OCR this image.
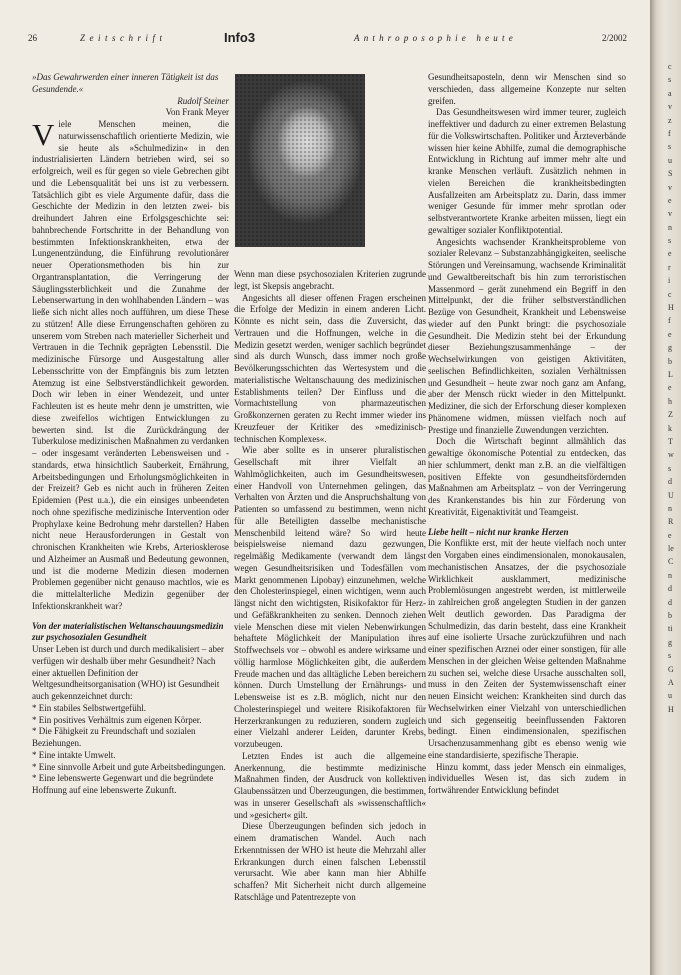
26	Zeitschrift	Info3	Anthroposophie heute	2/2002

»Das Gewahrwerden einer inneren Tätigkeit ist das Gesundende.«

Rudolf Steiner

Von Frank Meyer

Viele Menschen meinen, die naturwissenschaftlich orientierte Medizin, wie sie heute als »Schulmedizin« in den industrialisierten Ländern betrieben wird, sei so erfolgreich, weil es für gegen so viele Gebrechen gibt und die Lebensqualität bei uns ist zu verbessern. Tatsächlich gibt es viele Argumente dafür, dass die Geschichte der Medizin in den letzten zwei- bis dreihundert Jahren eine Erfolgsgeschichte sei: bahnbrechende Fortschritte in der Behandlung von bestimmten Infektionskrankheiten, etwa der Lungenentzündung, die Einführung revolutionärer neuer Operationsmethoden bis hin zur Organtransplantation, die Verringerung der Säuglingssterblichkeit und die Zunahme der Lebenserwartung in den wohlhabenden Ländern – was ließe sich nicht alles noch aufführen, um diese These zu stützen! Alle diese Errungenschaften gehören zu unserem vom Streben nach materieller Sicherheit und Vertrauen in die Technik geprägten Lebensstil. Die medizinische Fürsorge und Ausgestaltung aller Lebensschritte von der Empfängnis bis zum letzten Atemzug ist eine Selbstverständlichkeit geworden. Doch wir leben in einer Wendezeit, und unter Fachleuten ist es heute mehr denn je umstritten, wie diese zweifellos wichtigen Entwicklungen zu bewerten sind. Ist die Zurückdrängung der Tuberkulose medizinischen Maßnahmen zu verdanken – oder insgesamt veränderten Lebensweisen und -standards, etwa hinsichtlich Sauberkeit, Ernährung, Arbeitsbedingungen und Erholungsmöglichkeiten in der Freizeit? Geb es nicht auch in früheren Zeiten Epidemien (Pest u.a.), die ein einsiges unbeendeten noch ohne spezifische medizinische Intervention oder Prophylaxe keine Bedrohung mehr darstellen? Haben nicht neue Herausforderungen in Gestalt von chronischen Krankheiten wie Krebs, Arteriosklerose und Alzheimer an Ausmaß und Bedeutung gewonnen, und ist die moderne Medizin diesen modernen Problemen gegenüber nicht genauso machtlos, wie es die mittelalterliche Medizin gegenüber der Infektionskrankheit war?

Von der materialistischen Weltanschauungsmedizin zur psychosozialen Gesundheit

Unser Leben ist durch und durch medikalisiert – aber verfügen wir deshalb über mehr Gesundheit? Nach einer aktuellen Definition der Weltgesundheitsorganisation (WHO) ist Gesundheit auch gekennzeichnet durch:

* Ein stabiles Selbstwertgefühl.
* Ein positives Verhältnis zum eigenen Körper.
* Die Fähigkeit zu Freundschaft und sozialen Beziehungen.
* Eine intakte Umwelt.
* Eine sinnvolle Arbeit und gute Arbeitsbedingungen.
* Eine lebenswerte Gegenwart und die begründete Hoffnung auf eine lebenswerte Zukunft.

Wenn man diese psychosozialen Kriterien zugrunde legt, ist Skepsis angebracht.

Angesichts all dieser offenen Fragen erscheinen die Erfolge der Medizin in einem anderen Licht. Könnte es nicht sein, dass die Zuversicht, das Vertrauen und die Hoffnungen, welche in die Medizin gesetzt werden, weniger sachlich begründet sind als durch Wunsch, dass immer noch große Bevölkerungsschichten das Wertesystem und die materialistische Weltanschauung des medizinischen Establishments teilen? Der Einfluss und die Vormachtstellung von pharmazeutischen Großkonzernen geraten zu Recht immer wieder ins Kreuzfeuer der Kritiker des »medizinisch-technischen Komplexes«.

Wie aber sollte es in unserer pluralistischen Gesellschaft mit ihrer Vielfalt an Wahlmöglichkeiten, auch im Gesundheitswesen, einer Handvoll von Unternehmen gelingen, das Verhalten von Ärzten und die Anspruchshaltung von Patienten so umfassend zu bestimmen, wenn nicht für alle Beteiligten dasselbe mechanistische Menschenbild leitend wäre? So wird heute beispielsweise niemand dazu gezwungen, regelmäßig Medikamente (verwandt dem längst wegen Gesundheitsrisiken und Todesfällen vom Markt genommenen Lipobay) einzunehmen, welche den Cholesterinspiegel, einen wichtigen, wenn auch längst nicht den wichtigsten, Risikofaktor für Herz- und Gefäßkrankheiten zu senken. Dennoch ziehen viele Menschen diese mit vielen Nebenwirkungen behaftete Möglichkeit der Manipulation ihres Stoffwechsels vor – obwohl es andere wirksame und völlig harmlose Möglichkeiten gibt, die außerdem Freude machen und das alltägliche Leben bereichern können. Durch Umstellung der Ernährungs- und Lebensweise ist es z.B. möglich, nicht nur den Cholesterinspiegel und weitere Risikofaktoren für Herzerkrankungen zu reduzieren, sondern zugleich einer Vielzahl anderer Leiden, darunter Krebs, vorzubeugen.

Letzten Endes ist auch die allgemeine Anerkennung, die bestimmte medizinische Maßnahmen finden, der Ausdruck von kollektiven Glaubenssätzen und Überzeugungen, die bestimmen, was in unserer Gesellschaft als »wissenschaftlich« und »gesichert« gilt.

Diese Überzeugungen befinden sich jedoch in einem dramatischen Wandel. Auch nach Erkenntnissen der WHO ist heute die Mehrzahl aller Erkrankungen durch einen falschen Lebensstil verursacht. Wie aber kann man hier Abhilfe schaffen? Mit Sicherheit nicht durch allgemeine Ratschläge und Patentrezepte von

Gesundheitsaposteln, denn wir Menschen sind so verschieden, dass allgemeine Konzepte nur selten greifen.

Das Gesundheitswesen wird immer teurer, zugleich ineffektiver und dadurch zu einer extremen Belastung für die Volkswirtschaften. Politiker und Ärzteverbände wissen hier keine Abhilfe, zumal die demographische Entwicklung in Richtung auf immer mehr alte und kranke Menschen verläuft. Zusätzlich nehmen in vielen Bereichen die krankheitsbedingten Ausfallzeiten am Arbeitsplatz zu. Darin, dass immer weniger Gesunde für immer mehr sprotlan oder selbstverantwortete Kranke arbeiten müssen, liegt ein gewaltiger sozialer Konfliktpotential.

Angesichts wachsender Krankheitsprobleme von sozialer Relevanz – Substanzabhängigkeiten, seelische Störungen und Vereinsamung, wachsende Kriminalität und Gewaltbereitschaft bis hin zum terroristischen Massenmord – gerät zunehmend ein Begriff in den Mittelpunkt, der die früher selbstverständlichen Bezüge von Gesundheit, Krankheit und Lebensweise wieder auf den Punkt bringt: die psychosoziale Gesundheit. Die Medizin steht bei der Erkundung dieser Beziehungszusammenhänge – der Wechselwirkungen von geistigen Aktivitäten, seelischen Befindlichkeiten, sozialen Verhältnissen und Gesundheit – heute zwar noch ganz am Anfang, aber der Mensch rückt wieder in den Mittelpunkt. Mediziner, die sich der Erforschung dieser komplexen Phänomene widmen, müssen vielfach noch auf Prestige und finanzielle Zuwendungen verzichten.

Doch die Wirtschaft beginnt allmählich das gewaltige ökonomische Potential zu entdecken, das hier schlummert, denkt man z.B. an die vielfältigen positiven Effekte von gesundheitsfördernden Maßnahmen am Arbeitsplatz – von der Verringerung des Krankenstandes bis hin zur Förderung von Kreativität, Eigenaktivität und Teamgeist.

Liebe heilt – nicht nur kranke Herzen

Die Konflikte erst, mit der heute vielfach noch unter den Vorgaben eines eindimensionalen, monokausalen, mechanistischen Ansatzes, der die psychosoziale Wirklichkeit ausklammert, medizinische Problemlösungen angestrebt werden, ist mittlerweile in zahlreichen groß angelegten Studien in der ganzen Welt deutlich geworden. Das Paradigma der Schulmedizin, das darin besteht, dass eine Krankheit auf eine isolierte Ursache zurückzuführen und nach einer spezifischen Arznei oder einer sonstigen, für alle Menschen in der gleichen Weise geltenden Maßnahme zu suchen sei, welche diese Ursache ausschalten soll, muss in den Zeiten der Systemwissenschaft einer neuen Einsicht weichen: Krankheiten sind durch das Wechselwirken einer Vielzahl von unterschiedlichen und sich gegenseitig beeinflussenden Faktoren bedingt. Einen eindimensionalen, spezifischen Ursachenzusammenhang gibt es ebenso wenig wie eine standardisierte, spezifische Therapie.

Hinzu kommt, dass jeder Mensch ein einmaliges, individuelles Wesen ist, das sich zudem in fortwährender Entwicklung befindet

c
s
a
v
z
f
s
u
S
v
e
v
n
s
e
r
i
c
H
f
e
g
b
L
e
h
Z
k
T
w
s
d
U
n
R
e
le
C
n
d
d
b
ti
g
s
G
A
u
H
